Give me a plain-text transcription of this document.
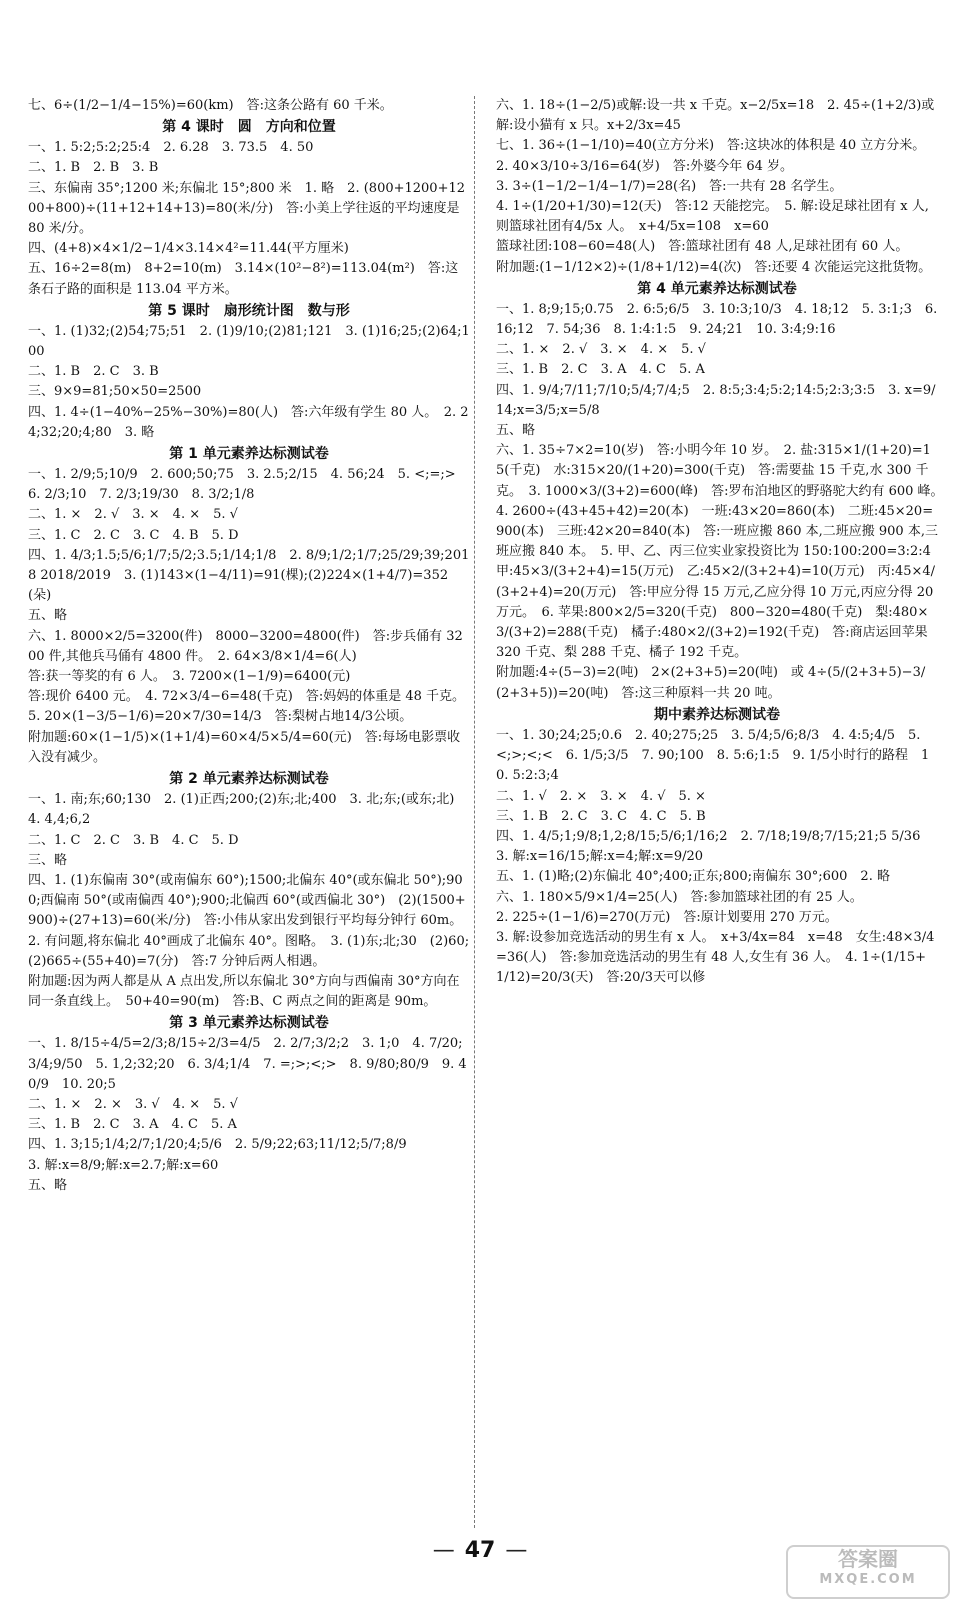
七、6÷(1/2−1/4−15%)=60(km)　答:这条公路有 60 千米。
第 4 课时　圆　方向和位置
一、1. 5:2;5:2;25:4　2. 6.28　3. 73.5　4. 50
二、1. B　2. B　3. B
三、东偏南 35°;1200 米;东偏北 15°;800 米　1. 略　2. (800+1200+1200+800)÷(11+12+14+13)=80(米/分)　答:小美上学往返的平均速度是 80 米/分。
四、(4+8)×4×1/2−1/4×3.14×4²=11.44(平方厘米)
五、16÷2=8(m)　8+2=10(m)　3.14×(10²−8²)=113.04(m²)　答:这条石子路的面积是 113.04 平方米。
第 5 课时　扇形统计图　数与形
一、1. (1)32;(2)54;75;51　2. (1)9/10;(2)81;121　3. (1)16;25;(2)64;100
二、1. B　2. C　3. B
三、9×9=81;50×50=2500
四、1. 4÷(1−40%−25%−30%)=80(人)　答:六年级有学生 80 人。　2. 24;32;20;4;80　3. 略
第 1 单元素养达标测试卷
一、1. 2/9;5;10/9　2. 600;50;75　3. 2.5;2/15　4. 56;24　5. <;=;>　6. 2/3;10　7. 2/3;19/30　8. 3/2;1/8
二、1. ×　2. √　3. ×　4. ×　5. √
三、1. C　2. C　3. C　4. B　5. D
四、1. 4/3;1.5;5/6;1/7;5/2;3.5;1/14;1/8　2. 8/9;1/2;1/7;25/29;39;2018 2018/2019　3. (1)143×(1−4/11)=91(棵);(2)224×(1+4/7)=352(朵)
五、略
六、1. 8000×2/5=3200(件)　8000−3200=4800(件)　答:步兵俑有 3200 件,其他兵马俑有 4800 件。　2. 64×3/8×1/4=6(人)
答:获一等奖的有 6 人。　3. 7200×(1−1/9)=6400(元)
答:现价 6400 元。　4. 72×3/4−6=48(千克)　答:妈妈的体重是 48 千克。　5. 20×(1−3/5−1/6)=20×7/30=14/3　答:梨树占地14/3公顷。
附加题:60×(1−1/5)×(1+1/4)=60×4/5×5/4=60(元)　答:每场电影票收入没有减少。
第 2 单元素养达标测试卷
一、1. 南;东;60;130　2. (1)正西;200;(2)东;北;400　3. 北;东;(或东;北)　4. 4,4;6,2
二、1. C　2. C　3. B　4. C　5. D
三、略
四、1. (1)东偏南 30°(或南偏东 60°);1500;北偏东 40°(或东偏北 50°);900;西偏南 50°(或南偏西 40°);900;北偏西 60°(或西偏北 30°)　(2)(1500+900)÷(27+13)=60(米/分)　答:小伟从家出发到银行平均每分钟行 60m。　2. 有问题,将东偏北 40°画成了北偏东 40°。图略。　3. (1)东;北;30　(2)60;(2)665÷(55+40)=7(分)　答:7 分钟后两人相遇。
附加题:因为两人都是从 A 点出发,所以东偏北 30°方向与西偏南 30°方向在同一条直线上。　50+40=90(m)　答:B、C 两点之间的距离是 90m。
第 3 单元素养达标测试卷
一、1. 8/15÷4/5=2/3;8/15÷2/3=4/5　2. 2/7;3/2;2　3. 1;0　4. 7/20;3/4;9/50　5. 1,2;32;20　6. 3/4;1/4　7. =;>;<;>　8. 9/80;80/9　9. 40/9　10. 20;5
二、1. ×　2. ×　3. √　4. ×　5. √
三、1. B　2. C　3. A　4. C　5. A
四、1. 3;15;1/4;2/7;1/20;4;5/6　2. 5/9;22;63;11/12;5/7;8/9
3. 解:x=8/9;解:x=2.7;解:x=60
五、略
六、1. 18÷(1−2/5)或解:设一共 x 千克。x−2/5x=18　2. 45÷(1+2/3)或解:设小猫有 x 只。x+2/3x=45
七、1. 36÷(1−1/10)=40(立方分米)　答:这块冰的体积是 40 立方分米。　2. 40×3/10÷3/16=64(岁)　答:外婆今年 64 岁。
3. 3÷(1−1/2−1/4−1/7)=28(名)　答:一共有 28 名学生。
4. 1÷(1/20+1/30)=12(天)　答:12 天能挖完。　5. 解:设足球社团有 x 人,则篮球社团有4/5x 人。　x+4/5x=108　x=60
篮球社团:108−60=48(人)　答:篮球社团有 48 人,足球社团有 60 人。
附加题:(1−1/12×2)÷(1/8+1/12)=4(次)　答:还要 4 次能运完这批货物。
第 4 单元素养达标测试卷
一、1. 8;9;15;0.75　2. 6:5;6/5　3. 10:3;10/3　4. 18;12　5. 3:1;3　6. 16;12　7. 54;36　8. 1:4:1:5　9. 24;21　10. 3:4;9:16
二、1. ×　2. √　3. ×　4. ×　5. √
三、1. B　2. C　3. A　4. C　5. A
四、1. 9/4;7/11;7/10;5/4;7/4;5　2. 8:5;3:4;5:2;14:5;2:3;3:5　3. x=9/14;x=3/5;x=5/8
五、略
六、1. 35÷7×2=10(岁)　答:小明今年 10 岁。　2. 盐:315×1/(1+20)=15(千克)　水:315×20/(1+20)=300(千克)　答:需要盐 15 千克,水 300 千克。　3. 1000×3/(3+2)=600(峰)　答:罗布泊地区的野骆驼大约有 600 峰。　4. 2600÷(43+45+42)=20(本)　一班:43×20=860(本)　二班:45×20=900(本)　三班:42×20=840(本)　答:一班应搬 860 本,二班应搬 900 本,三班应搬 840 本。　5. 甲、乙、丙三位实业家投资比为 150:100:200=3:2:4　甲:45×3/(3+2+4)=15(万元)　乙:45×2/(3+2+4)=10(万元)　丙:45×4/(3+2+4)=20(万元)　答:甲应分得 15 万元,乙应分得 10 万元,丙应分得 20 万元。　6. 苹果:800×2/5=320(千克)　800−320=480(千克)　梨:480×3/(3+2)=288(千克)　橘子:480×2/(3+2)=192(千克)　答:商店运回苹果 320 千克、梨 288 千克、橘子 192 千克。
附加题:4÷(5−3)=2(吨)　2×(2+3+5)=20(吨)　或 4÷(5/(2+3+5)−3/(2+3+5))=20(吨)　答:这三种原料一共 20 吨。
期中素养达标测试卷
一、1. 30;24;25;0.6　2. 40;275;25　3. 5/4;5/6;8/3　4. 4:5;4/5　5. <;>;<;<　6. 1/5;3/5　7. 90;100　8. 5:6;1:5　9. 1/5小时行的路程　10. 5:2:3;4
二、1. √　2. ×　3. ×　4. √　5. ×
三、1. B　2. C　3. C　4. C　5. B
四、1. 4/5;1;9/8;1,2;8/15;5/6;1/16;2　2. 7/18;19/8;7/15;21;5 5/36　3. 解:x=16/15;解:x=4;解:x=9/20
五、1. (1)略;(2)东偏北 40°;400;正东;800;南偏东 30°;600　2. 略
六、1. 180×5/9×1/4=25(人)　答:参加篮球社团的有 25 人。
2. 225÷(1−1/6)=270(万元)　答:原计划要用 270 万元。
3. 解:设参加竞选活动的男生有 x 人。　x+3/4x=84　x=48　女生:48×3/4=36(人)　答:参加竞选活动的男生有 48 人,女生有 36 人。　4. 1÷(1/15+1/12)=20/3(天)　答:20/3天可以修
— 47 —	答案圈
MXQE.COM
